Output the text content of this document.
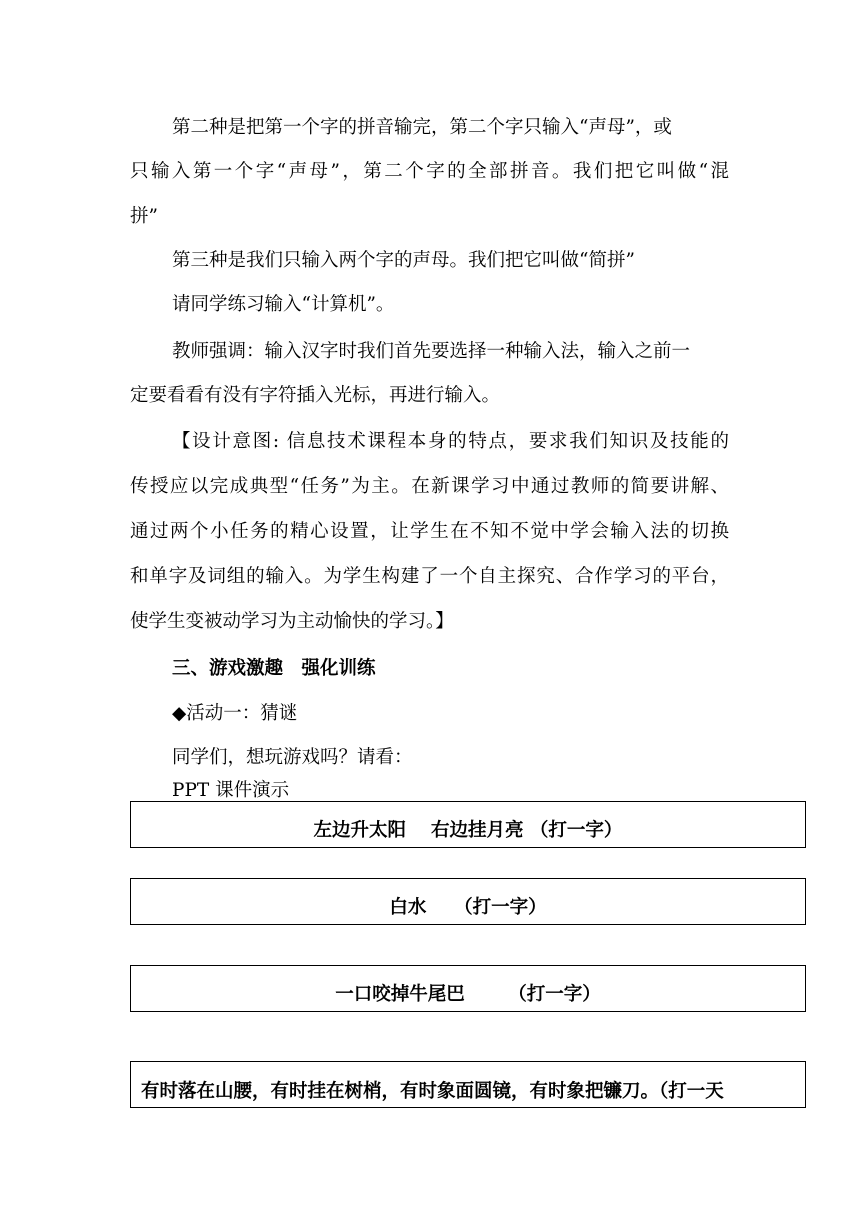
第二种是把第一个字的拼音输完，第二个字只输入“声母”，或
只输入第一个字“声母”，第二个字的全部拼音。我们把它叫做“混
拼”
第三种是我们只输入两个字的声母。我们把它叫做“简拼”
请同学练习输入“计算机”。
教师强调：输入汉字时我们首先要选择一种输入法，输入之前一
定要看看有没有字符插入光标，再进行输入。
【设计意图: 信息技术课程本身的特点，要求我们知识及技能的
传授应以完成典型“任务”为主。在新课学习中通过教师的简要讲解、
通过两个小任务的精心设置，让学生在不知不觉中学会输入法的切换
和单字及词组的输入。为学生构建了一个自主探究、合作学习的平台，
使学生变被动学习为主动愉快的学习。】
三、游戏激趣　强化训练
◆活动一：猜谜
同学们，想玩游戏吗？请看：
PPT 课件演示
左边升太阳　 右边挂月亮 （打一字）
白水　　（打一字）
一口咬掉牛尾巴　　 （打一字）
有时落在山腰，有时挂在树梢，有时象面圆镜，有时象把镰刀。（打一天
